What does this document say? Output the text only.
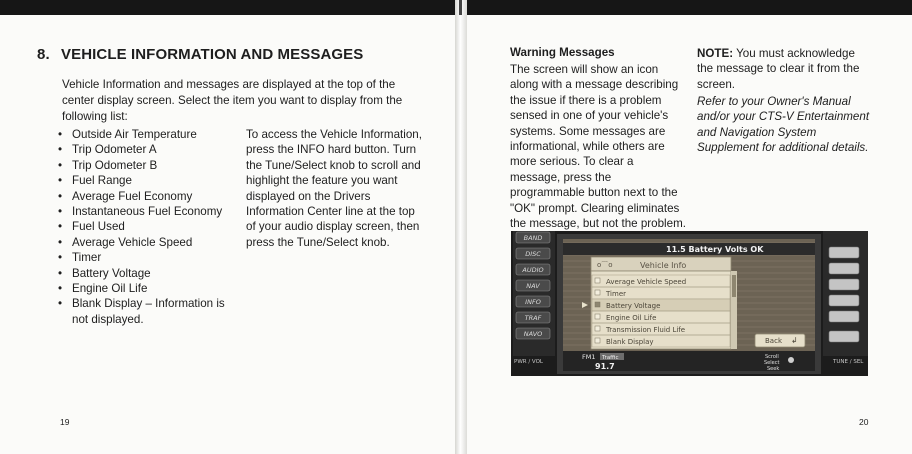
8. VEHICLE INFORMATION AND MESSAGES
Vehicle Information and messages are displayed at the top of the center display screen. Select the item you want to display from the following list:
• Outside Air Temperature
• Trip Odometer A
• Trip Odometer B
• Fuel Range
• Average Fuel Economy
• Instantaneous Fuel Economy
• Fuel Used
• Average Vehicle Speed
• Timer
• Battery Voltage
• Engine Oil Life
• Blank Display – Information is not displayed.
To access the Vehicle Information, press the INFO hard button. Turn the Tune/Select knob to scroll and highlight the feature you want displayed on the Drivers Information Center line at the top of your audio display screen, then press the Tune/Select knob.
19
Warning Messages
The screen will show an icon along with a message describing the issue if there is a problem sensed in one of your vehicle's systems. Some messages are informational, while others are more serious. To clear a message, press the programmable button next to the "OK" prompt. Clearing eliminates the message, but not the problem.
NOTE: You must acknowledge the message to clear it from the screen.
Refer to your Owner's Manual and/or your CTS-V Entertainment and Navigation System Supplement for additional details.
20
BAND
DISC
AUDIO
NAV
INFO
TRAF
NAVO
PWR / VOL
11.5 Battery Volts OK
o⌒o	Vehicle Info
Average Vehicle Speed
Timer
Battery Voltage
Engine Oil Life
Transmission Fluid Life
Blank Display	Back ↲
FM1 Traffic
91.7
Scroll
Select
Seek
TUNE / SEL
